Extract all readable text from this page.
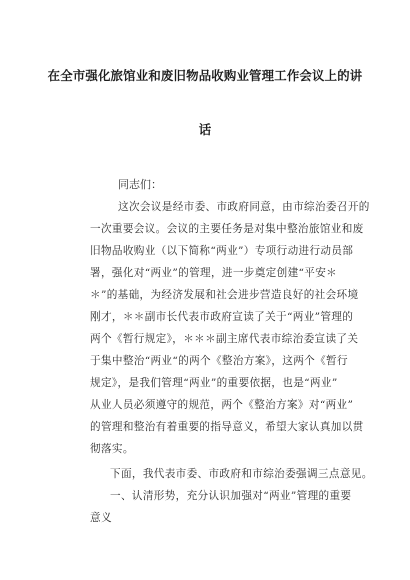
在全市强化旅馆业和废旧物品收购业管理工作会议上的讲
话
同志们：
这次会议是经市委、市政府同意，由市综治委召开的
一次重要会议。会议的主要任务是对集中整治旅馆业和废
旧物品收购业（以下简称“两业”）专项行动进行动员部
署，强化对“两业”的管理，进一步奠定创建“平安＊
＊”的基础，为经济发展和社会进步营造良好的社会环境
刚才，＊＊副市长代表市政府宣读了关于“两业”管理的
两个《暂行规定》，＊＊＊副主席代表市综治委宣读了关
于集中整治“两业“的两个《整治方案》，这两个《暂行
规定》，是我们管理“两业”的重要依据，也是“两业”
从业人员必须遵守的规范，两个《整治方案》对“两业”
的管理和整治有着重要的指导意义，希望大家认真加以贯
彻落实。
下面，我代表市委、市政府和市综治委强调三点意见。
一、认清形势，充分认识加强对“两业”管理的重要
意义
